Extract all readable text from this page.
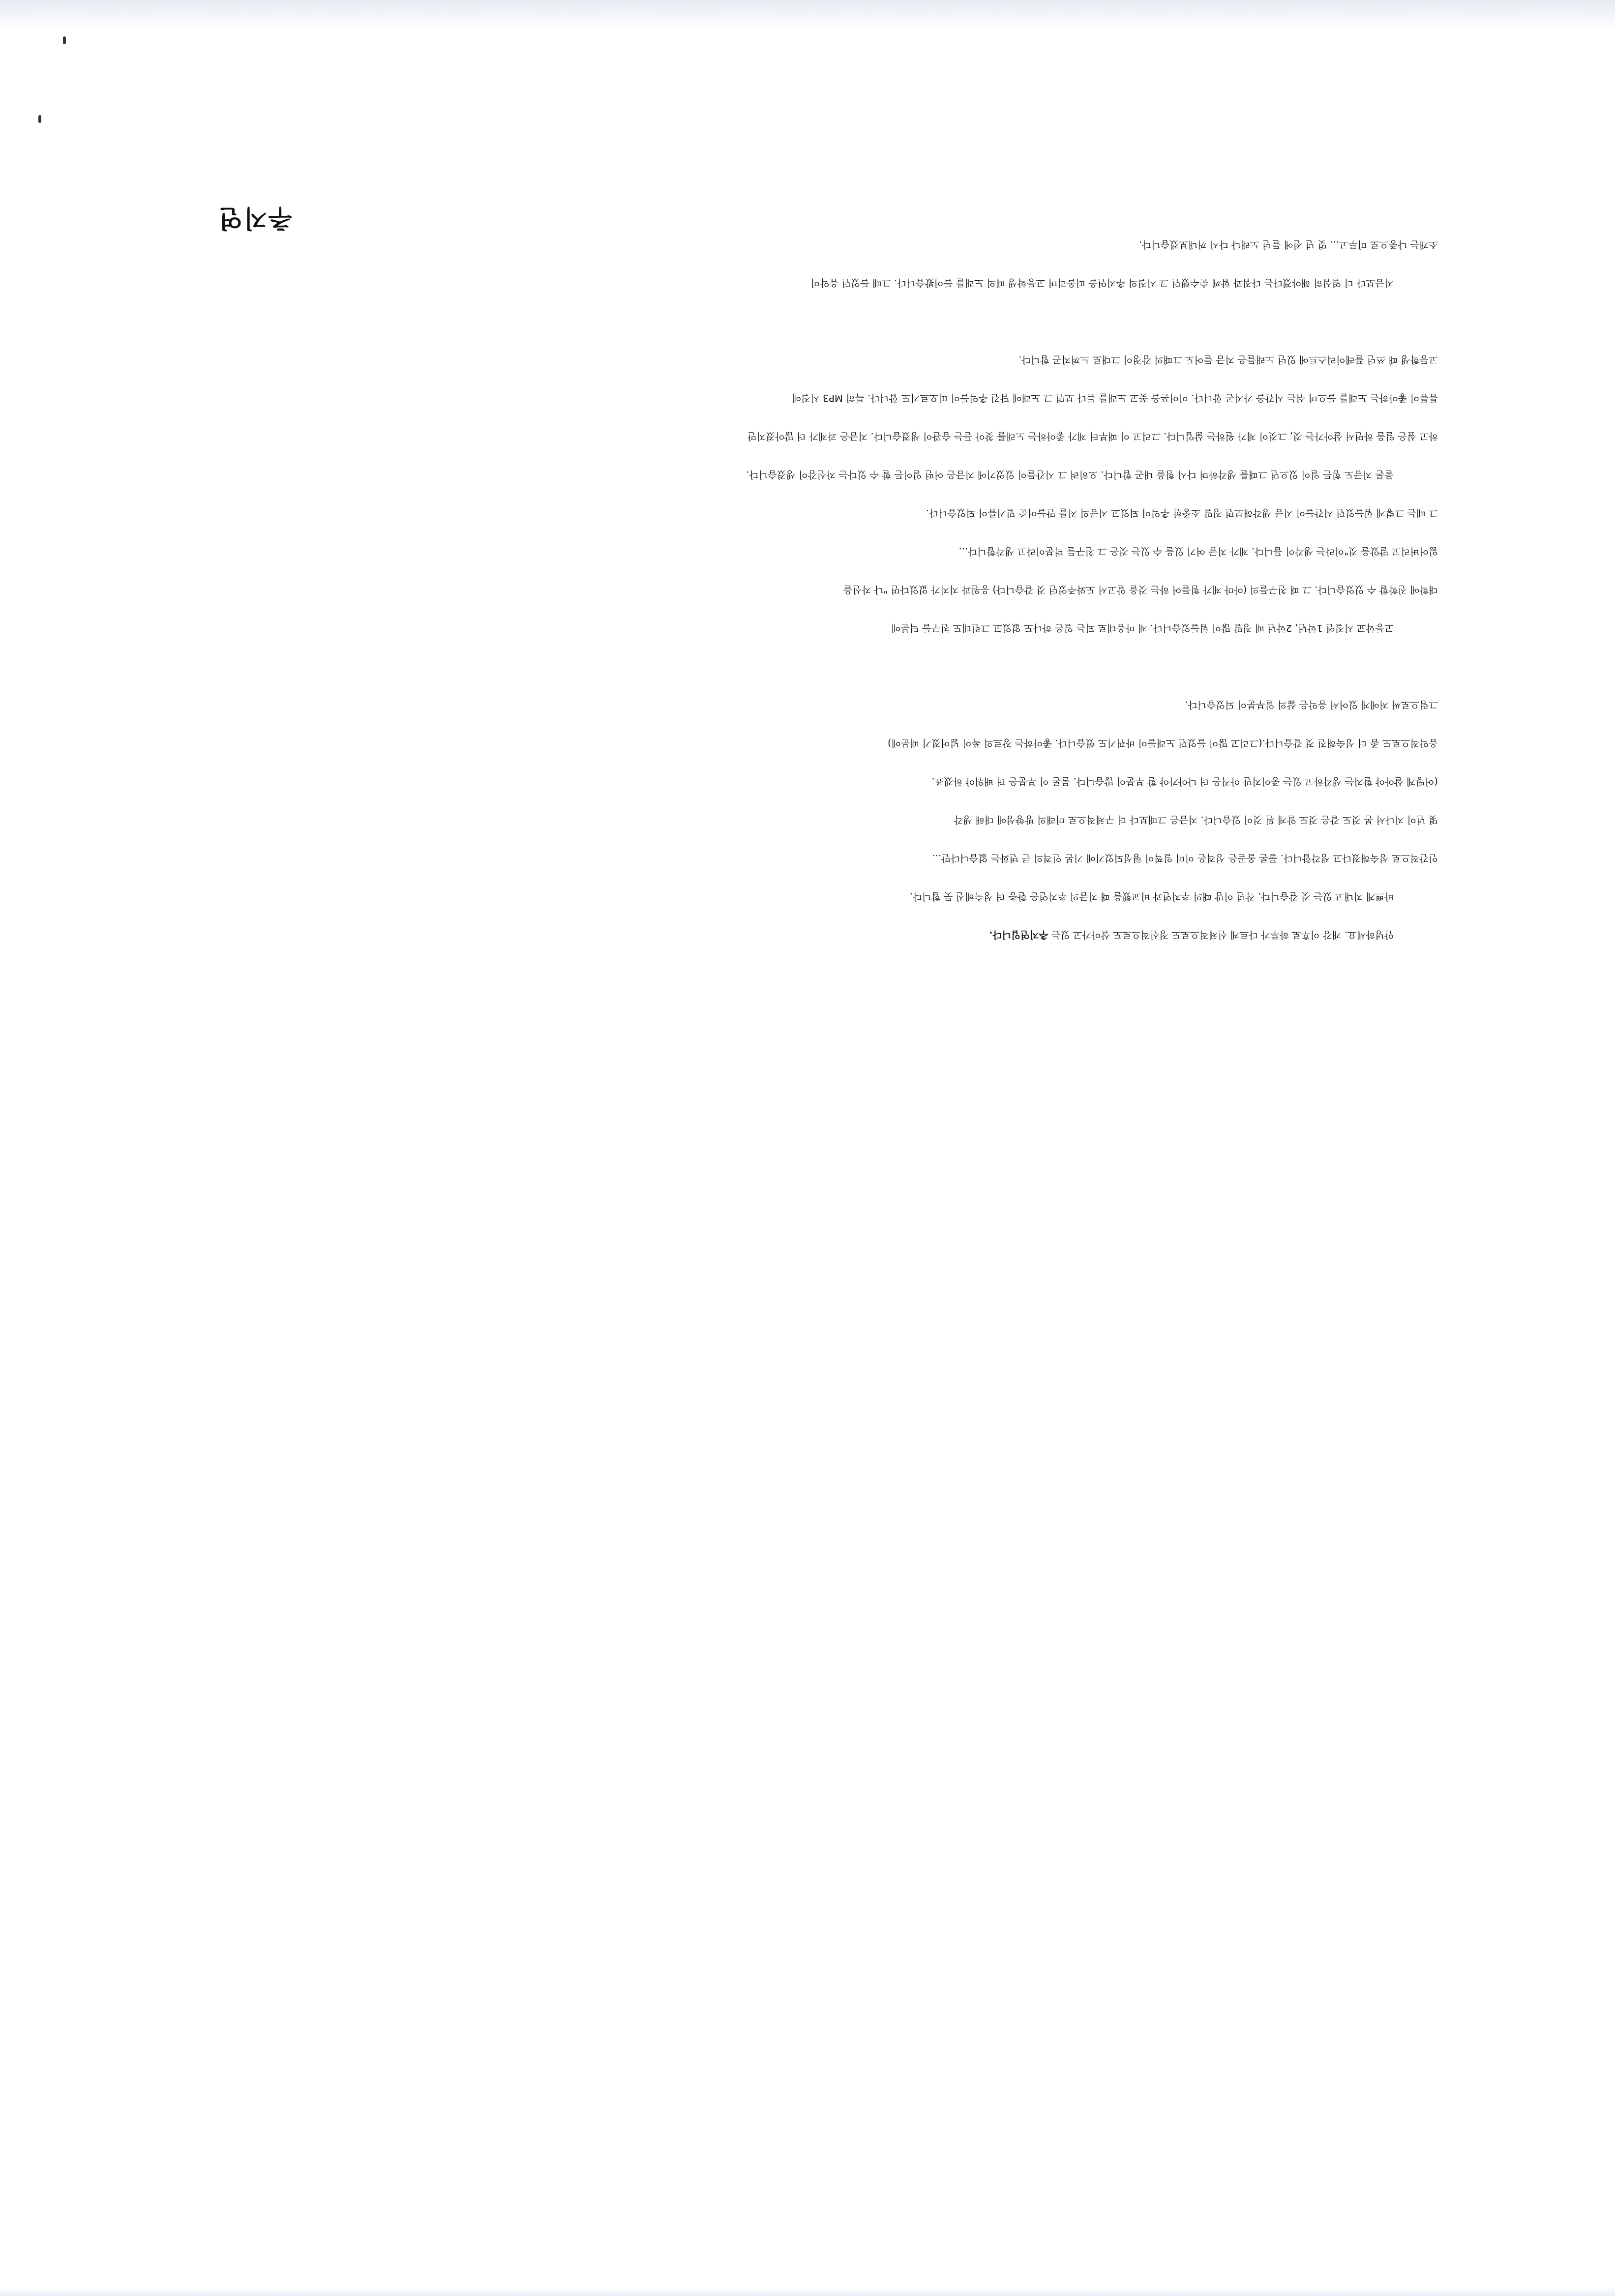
추지연

안녕하세요. 개강 이후로 하루가 다르게 신체적으로도 정신적으로도 살아가고 있는 추지연입니다.
바쁘게 지내고 있는 것 같습니다. 작년 이맘 때의 추지연과 비교했을 때 지금의 추지연은 한층 더 성숙해진 듯 합니다.
인간적으로 성숙해졌다고 생각합니다. 물론 올곧은 성격은 이미 일찍이 형성되었기에 기본 인격의 큰 변화는 없습니다만...
몇 년이 지나서 본 것도 같은 것도 알게 된 것이 있습니다. 지금은 그때보다 더 구체적으로 미래의 방향성에 대해 생각
(어떻게 살아야 할지는 생각하고 있는 중이지만 아직은 더 나아가야 할 부분이 많습니다. 물론 이 부분은 더 배워야 하겠죠.
음악적으로도 좀 더 성숙해진 것 같습니다.(그리고 많이 들었던 노래들이 바뀌기도 했습니다. 좋아하는 장르의 폭이 넓어졌기 때문에)
그럼으로써 저에게 있어서 음악은 삶의 일부분이 되었습니다.

고등학교 시절엔 1학년, 2학년 때 정말 많이 힘들었습니다. 제 마음대로 되는 일은 하나도 없었고 그런데도 친구들 덕분에
대학에 진학할 수 있었습니다. 그 때 친구들의 (아마 제가 힘들어 하는 것을 알고서 도와주었던 것 같습니다) 응원과 지지가 없었다면 "나 자신을
잃어버리고 말았을 것"이라는 생각이 듭니다. 제가 지금 여기 있을 수 있는 것은 그 친구들 덕분이라고 생각합니다...
그 때는 그렇게 힘들었던 시간들이 지금 생각해보면 정말 소중한 추억이 되었고 지금의 저를 만들어준 밑거름이 되었습니다.
물론 지금도 힘든 일이 있으면 그때를 생각하며 다시 힘을 내곤 합니다. 오히려 그 시간들이 있었기에 지금은 어떤 일이든 할 수 있다는 자신감이 생겼습니다.
하고 싶은 일을 하면서 살아가는 것, 그것이 제가 원하는 삶입니다. 그리고 이 때부터 제가 좋아하는 노래를 찾아 듣는 습관이 생겼습니다. 지금은 과제가 더 많아졌지만
틈틈이 좋아하는 노래를 들으며 쉬는 시간을 가지곤 합니다. 이어폰을 꽂고 노래를 듣다 보면 그 노래에 담긴 추억들이 떠오르기도 합니다. 특히 MP3 시절에
고등학생 때 쓰던 플레이리스트에 있던 노래들은 지금 들어도 그때의 감정이 그대로 느껴지곤 합니다.

지금보다 더 열심히 해야겠다는 다짐과 함께 순수했던 그 시절의 추지연을 떠올리며 고등학생 때의 노래를 들어봤습니다. 그때 들었던 음악이
소개는 나중으로 미루고... 몇 년 전에 들던 노래나 다시 꺼내보겠습니다.
